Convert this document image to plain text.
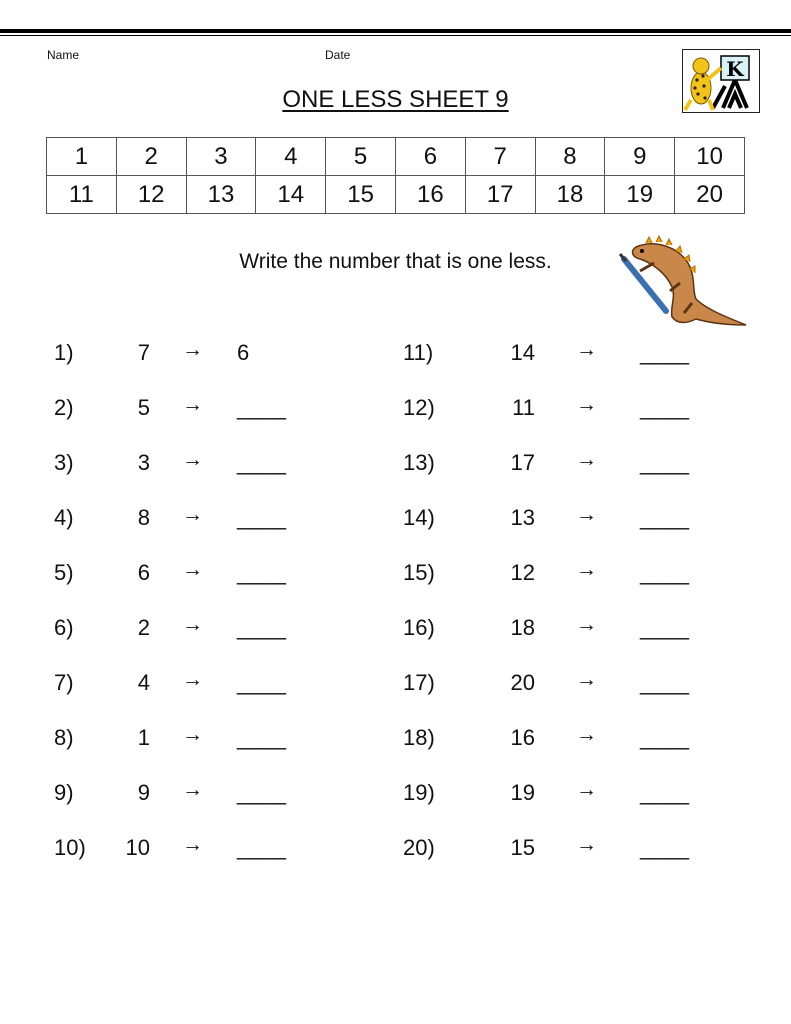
Name	Date
K
ONE LESS SHEET 9
1	2	3	4	5	6	7	8	9	10
11	12	13	14	15	16	17	18	19	20
Write the number that is one less.
1)	7 → 6
2)	5 → ____
3)	3 → ____
4)	8 → ____
5)	6 → ____
6)	2 → ____
7)	4 → ____
8)	1 → ____
9)	9 → ____
10) 10 → ____
11)	14 → ____
12)	11 → ____
13)	17 → ____
14)	13 → ____
15)	12 → ____
16)	18 → ____
17)	20 → ____
18)	16 → ____
19)	19 → ____
20)	15 → ____
